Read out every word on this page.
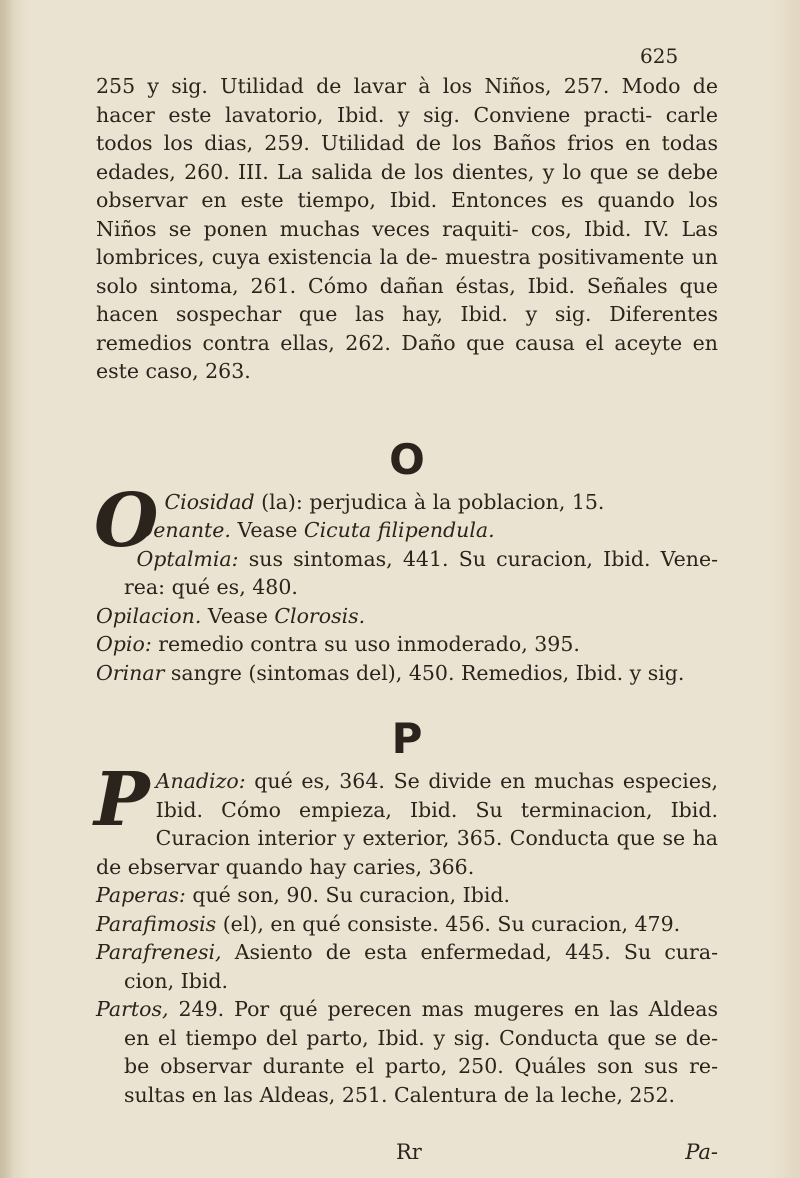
625

255 y sig. Utilidad de lavar à los Niños, 257. Modo de hacer este lavatorio, Ibid. y sig. Conviene practi- carle todos los dias, 259. Utilidad de los Baños frios en todas edades, 260. III. La salida de los dientes, y lo que se debe observar en este tiempo, Ibid. Entonces es quando los Niños se ponen muchas veces raquiti- cos, Ibid. IV. Las lombrices, cuya existencia la de- muestra positivamente un solo sintoma, 261. Cómo dañan éstas, Ibid. Señales que hacen sospechar que las hay, Ibid. y sig. Diferentes remedios contra ellas, 262. Daño que causa el aceyte en este caso, 263.

O

O Ciosidad (la): perjudica à la poblacion, 15.

Oenante. Vease Cicuta filipendula.

Optalmia: sus sintomas, 441. Su curacion, Ibid. Vene- rea: qué es, 480.

Opilacion. Vease Clorosis.

Opio: remedio contra su uso inmoderado, 395.

Orinar sangre (sintomas del), 450. Remedios, Ibid. y sig.

P

P Anadizo: qué es, 364. Se divide en muchas especies, Ibid. Cómo empieza, Ibid. Su terminacion, Ibid. Curacion interior y exterior, 365. Conducta que se ha de ebservar quando hay caries, 366.

Paperas: qué son, 90. Su curacion, Ibid.

Parafimosis (el), en qué consiste. 456. Su curacion, 479.

Parafrenesi, Asiento de esta enfermedad, 445. Su cura- cion, Ibid.

Partos, 249. Por qué perecen mas mugeres en las Aldeas en el tiempo del parto, Ibid. y sig. Conducta que se de- be observar durante el parto, 250. Quáles son sus re- sultas en las Aldeas, 251. Calentura de la leche, 252.

Rr	Pa-
